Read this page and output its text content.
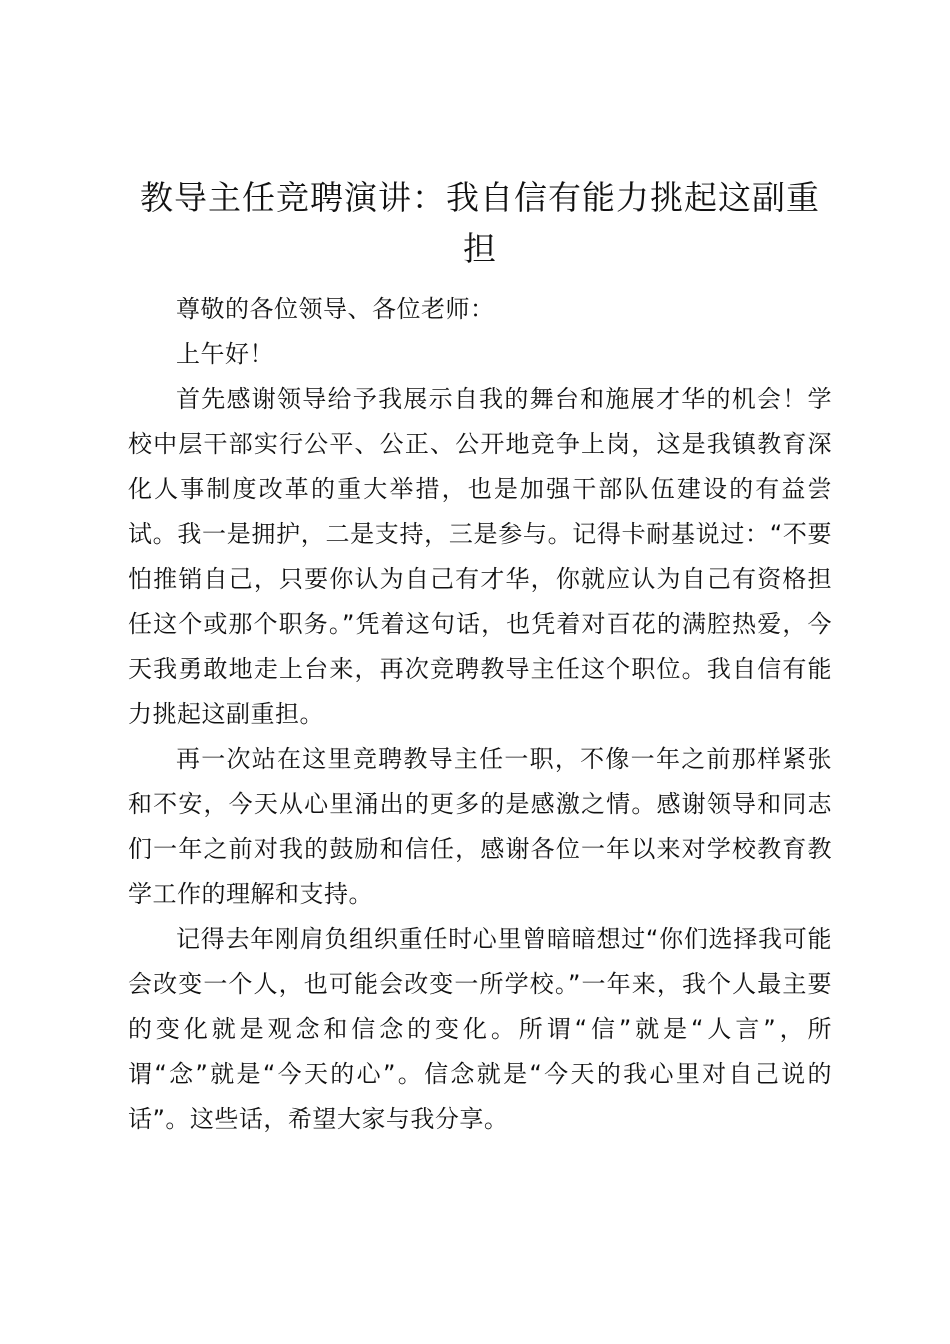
教导主任竞聘演讲：我自信有能力挑起这副重担

尊敬的各位领导、各位老师：

上午好！

首先感谢领导给予我展示自我的舞台和施展才华的机会！学校中层干部实行公平、公正、公开地竞争上岗，这是我镇教育深化人事制度改革的重大举措，也是加强干部队伍建设的有益尝试。我一是拥护，二是支持，三是参与。记得卡耐基说过：“不要怕推销自己，只要你认为自己有才华，你就应认为自己有资格担任这个或那个职务。”凭着这句话，也凭着对百花的满腔热爱，今天我勇敢地走上台来，再次竞聘教导主任这个职位。我自信有能力挑起这副重担。

再一次站在这里竞聘教导主任一职，不像一年之前那样紧张和不安，今天从心里涌出的更多的是感激之情。感谢领导和同志们一年之前对我的鼓励和信任，感谢各位一年以来对学校教育教学工作的理解和支持。

记得去年刚肩负组织重任时心里曾暗暗想过“你们选择我可能会改变一个人，也可能会改变一所学校。”一年来，我个人最主要的变化就是观念和信念的变化。所谓“信”就是“人言”，所谓“念”就是“今天的心”。信念就是“今天的我心里对自己说的话”。这些话，希望大家与我分享。
